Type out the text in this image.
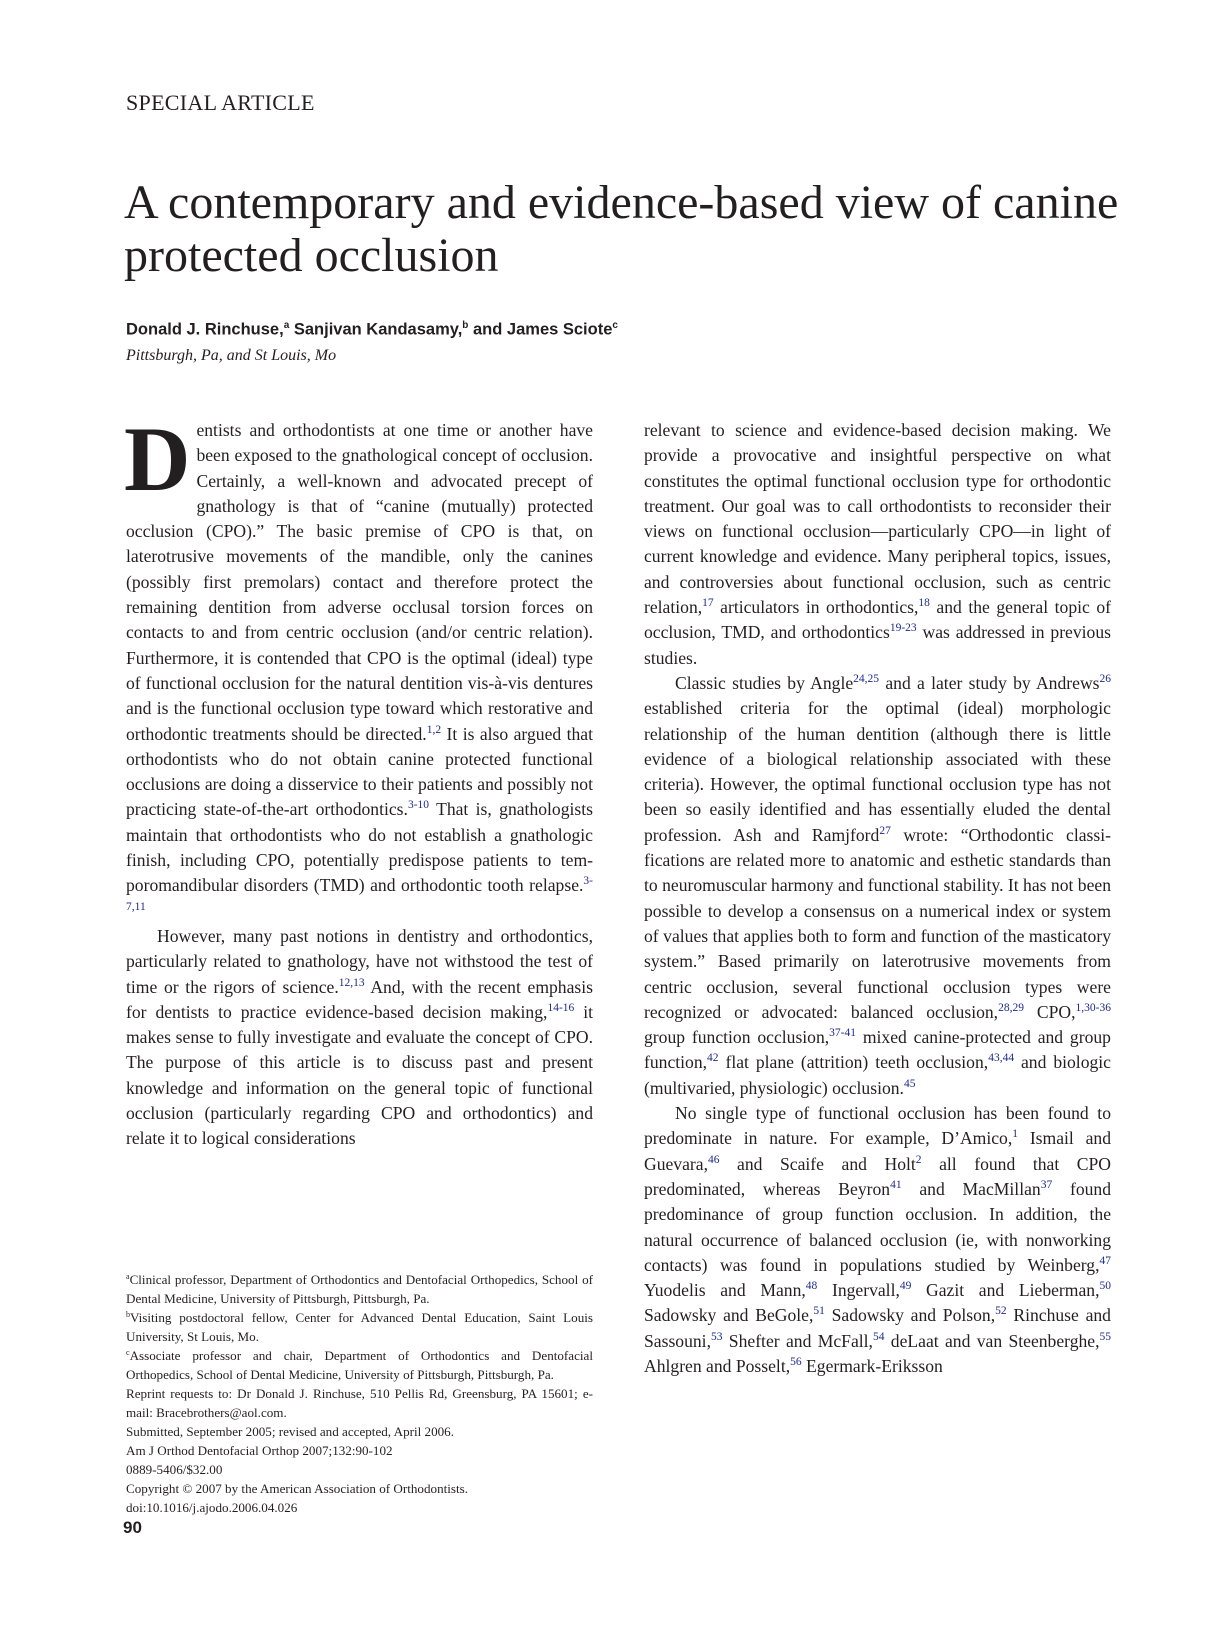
SPECIAL ARTICLE
A contemporary and evidence-based view of canine protected occlusion
Donald J. Rinchuse,$^a$ Sanjivan Kandasamy,$^b$ and James Sciote$^c$
Pittsburgh, Pa, and St Louis, Mo

Dentists and orthodontists at one time or another have been exposed to the gnathological concept of occlusion. Certainly, a well-known and advocated precept of gnathology is that of “canine (mutually) protected occlusion (CPO).” The basic premise of CPO is that, on laterotrusive movements of the mandible, only the canines (possibly first premolars) contact and therefore protect the remaining dentition from adverse occlusal torsion forces on contacts to and from centric occlusion (and/or centric relation). Furthermore, it is contended that CPO is the optimal (ideal) type of functional occlusion for the natural dentition vis-à-vis dentures and is the functional occlusion type toward which restorative and orthodontic treatments should be directed.$^{1,2}$ It is also argued that orthodontists who do not obtain canine protected functional occlusions are doing a disservice to their patients and possibly not practicing state-of-the-art orthodontics.$^{3-10}$ That is, gnathologists maintain that orthodontists who do not establish a gnathologic finish, including CPO, potentially predispose patients to temporomandibular disorders (TMD) and orthodontic tooth relapse.$^{3-7,11}$

However, many past notions in dentistry and orthodontics, particularly related to gnathology, have not withstood the test of time or the rigors of science.$^{12,13}$ And, with the recent emphasis for dentists to practice evidence-based decision making,$^{14-16}$ it makes sense to fully investigate and evaluate the concept of CPO. The purpose of this article is to discuss past and present knowledge and information on the general topic of functional occlusion (particularly regarding CPO and orthodontics) and relate it to logical considerations

$^a$Clinical professor, Department of Orthodontics and Dentofacial Orthopedics, School of Dental Medicine, University of Pittsburgh, Pittsburgh, Pa.
$^b$Visiting postdoctoral fellow, Center for Advanced Dental Education, Saint Louis University, St Louis, Mo.
$^c$Associate professor and chair, Department of Orthodontics and Dentofacial Orthopedics, School of Dental Medicine, University of Pittsburgh, Pittsburgh, Pa.
Reprint requests to: Dr Donald J. Rinchuse, 510 Pellis Rd, Greensburg, PA 15601; e-mail: Bracebrothers@aol.com.
Submitted, September 2005; revised and accepted, April 2006.
Am J Orthod Dentofacial Orthop 2007;132:90-102
0889-5406/$32.00
Copyright © 2007 by the American Association of Orthodontists.
doi:10.1016/j.ajodo.2006.04.026
90

relevant to science and evidence-based decision making. We provide a provocative and insightful perspective on what constitutes the optimal functional occlusion type for orthodontic treatment. Our goal was to call orthodontists to reconsider their views on functional occlusion—particularly CPO—in light of current knowledge and evidence. Many peripheral topics, issues, and controversies about functional occlusion, such as centric relation,$^{17}$ articulators in orthodontics,$^{18}$ and the general topic of occlusion, TMD, and orthodontics$^{19-23}$ was addressed in previous studies.

Classic studies by Angle$^{24,25}$ and a later study by Andrews$^{26}$ established criteria for the optimal (ideal) morphologic relationship of the human dentition (although there is little evidence of a biological relationship associated with these criteria). However, the optimal functional occlusion type has not been so easily identified and has essentially eluded the dental profession. Ash and Ramjford$^{27}$ wrote: “Orthodontic classifications are related more to anatomic and esthetic standards than to neuromuscular harmony and functional stability. It has not been possible to develop a consensus on a numerical index or system of values that applies both to form and function of the masticatory system.” Based primarily on laterotrusive movements from centric occlusion, several functional occlusion types were recognized or advocated: balanced occlusion,$^{28,29}$ CPO,$^{1,30-36}$ group function occlusion,$^{37-41}$ mixed canine-protected and group function,$^{42}$ flat plane (attrition) teeth occlusion,$^{43,44}$ and biologic (multivaried, physiologic) occlusion.$^{45}$

No single type of functional occlusion has been found to predominate in nature. For example, D’Amico,$^1$ Ismail and Guevara,$^{46}$ and Scaife and Holt$^2$ all found that CPO predominated, whereas Beyron$^{41}$ and MacMillan$^{37}$ found predominance of group function occlusion. In addition, the natural occurrence of balanced occlusion (ie, with nonworking contacts) was found in populations studied by Weinberg,$^{47}$ Yuodelis and Mann,$^{48}$ Ingervall,$^{49}$ Gazit and Lieberman,$^{50}$ Sadowsky and BeGole,$^{51}$ Sadowsky and Polson,$^{52}$ Rinchuse and Sassouni,$^{53}$ Shefter and McFall,$^{54}$ deLaat and van Steenberghe,$^{55}$ Ahlgren and Posselt,$^{56}$ Egermark-Eriksson
